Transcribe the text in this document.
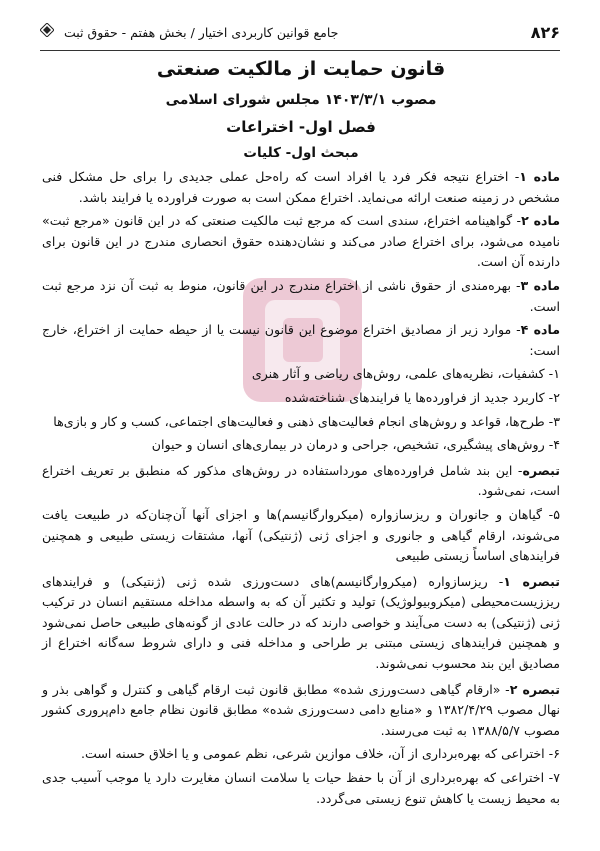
۸۲۶
جامع قوانین کاربردی اختیار / بخش هفتم - حقوق ثبت
قانون حمایت از مالکیت صنعتی
مصوب ۱۴۰۳/۳/۱ مجلس شورای اسلامی
فصل اول- اختراعات
مبحث اول- کلیات

ماده ۱- اختراع نتیجه فکر فرد یا افراد است که راه‌حل عملی جدیدی را برای حل مشکل فنی مشخص در زمینه صنعت ارائه می‌نماید. اختراع ممکن است به صورت فراورده یا فرایند باشد.

ماده ۲- گواهینامه اختراع، سندی است که مرجع ثبت مالکیت صنعتی که در این قانون «مرجع ثبت» نامیده می‌شود، برای اختراع صادر می‌کند و نشان‌دهنده حقوق انحصاری مندرج در این قانون برای دارنده آن است.

ماده ۳- بهره‌مندی از حقوق ناشی از اختراع مندرج در این قانون، منوط به ثبت آن نزد مرجع ثبت است.

ماده ۴- موارد زیر از مصادیق اختراع موضوع این قانون نیست یا از حیطه حمایت از اختراع، خارج است:

۱- کشفیات، نظریه‌های علمی، روش‌های ریاضی و آثار هنری

۲- کاربرد جدید از فراورده‌ها یا فرایندهای شناخته‌شده

۳- طرح‌ها، قواعد و روش‌های انجام فعالیت‌های ذهنی و فعالیت‌های اجتماعی، کسب و کار و بازی‌ها

۴- روش‌های پیشگیری، تشخیص، جراحی و درمان در بیماری‌های انسان و حیوان

تبصره- این بند شامل فراورده‌های مورداستفاده در روش‌های مذکور که منطبق بر تعریف اختراع است، نمی‌شود.

۵- گیاهان و جانوران و ریزسازواره (میکروارگانیسم)ها و اجزای آنها آن‌چنان‌که در طبیعت یافت می‌شوند، ارقام گیاهی و جانوری و اجزای ژنی (ژنتیکی) آنها، مشتقات زیستی طبیعی و همچنین فرایندهای اساساً زیستی طبیعی

تبصره ۱- ریزسازواره (میکروارگانیسم)های دست‌ورزی شده ژنی (ژنتیکی) و فرایندهای ریززیست‌محیطی (میکروبیولوژیک) تولید و تکثیر آن که به واسطه مداخله مستقیم انسان در ترکیب ژنی (ژنتیکی) به دست می‌آیند و خواصی دارند که در حالت عادی از گونه‌های طبیعی حاصل نمی‌شود و همچنین فرایندهای زیستی مبتنی بر طراحی و مداخله فنی و دارای شروط سه‌گانه اختراع از مصادیق این بند محسوب نمی‌شوند.

تبصره ۲- «ارقام گیاهی دست‌ورزی شده» مطابق قانون ثبت ارقام گیاهی و کنترل و گواهی بذر و نهال مصوب ۱۳۸۲/۴/۲۹ و «منابع دامی دست‌ورزی شده» مطابق قانون نظام جامع دام‌پروری کشور مصوب ۱۳۸۸/۵/۷ به ثبت می‌رسند.

۶- اختراعی که بهره‌برداری از آن، خلاف موازین شرعی، نظم عمومی و یا اخلاق حسنه است.

۷- اختراعی که بهره‌برداری از آن با حفظ حیات یا سلامت انسان مغایرت دارد یا موجب آسیب جدی به محیط زیست یا کاهش تنوع زیستی می‌گردد.
